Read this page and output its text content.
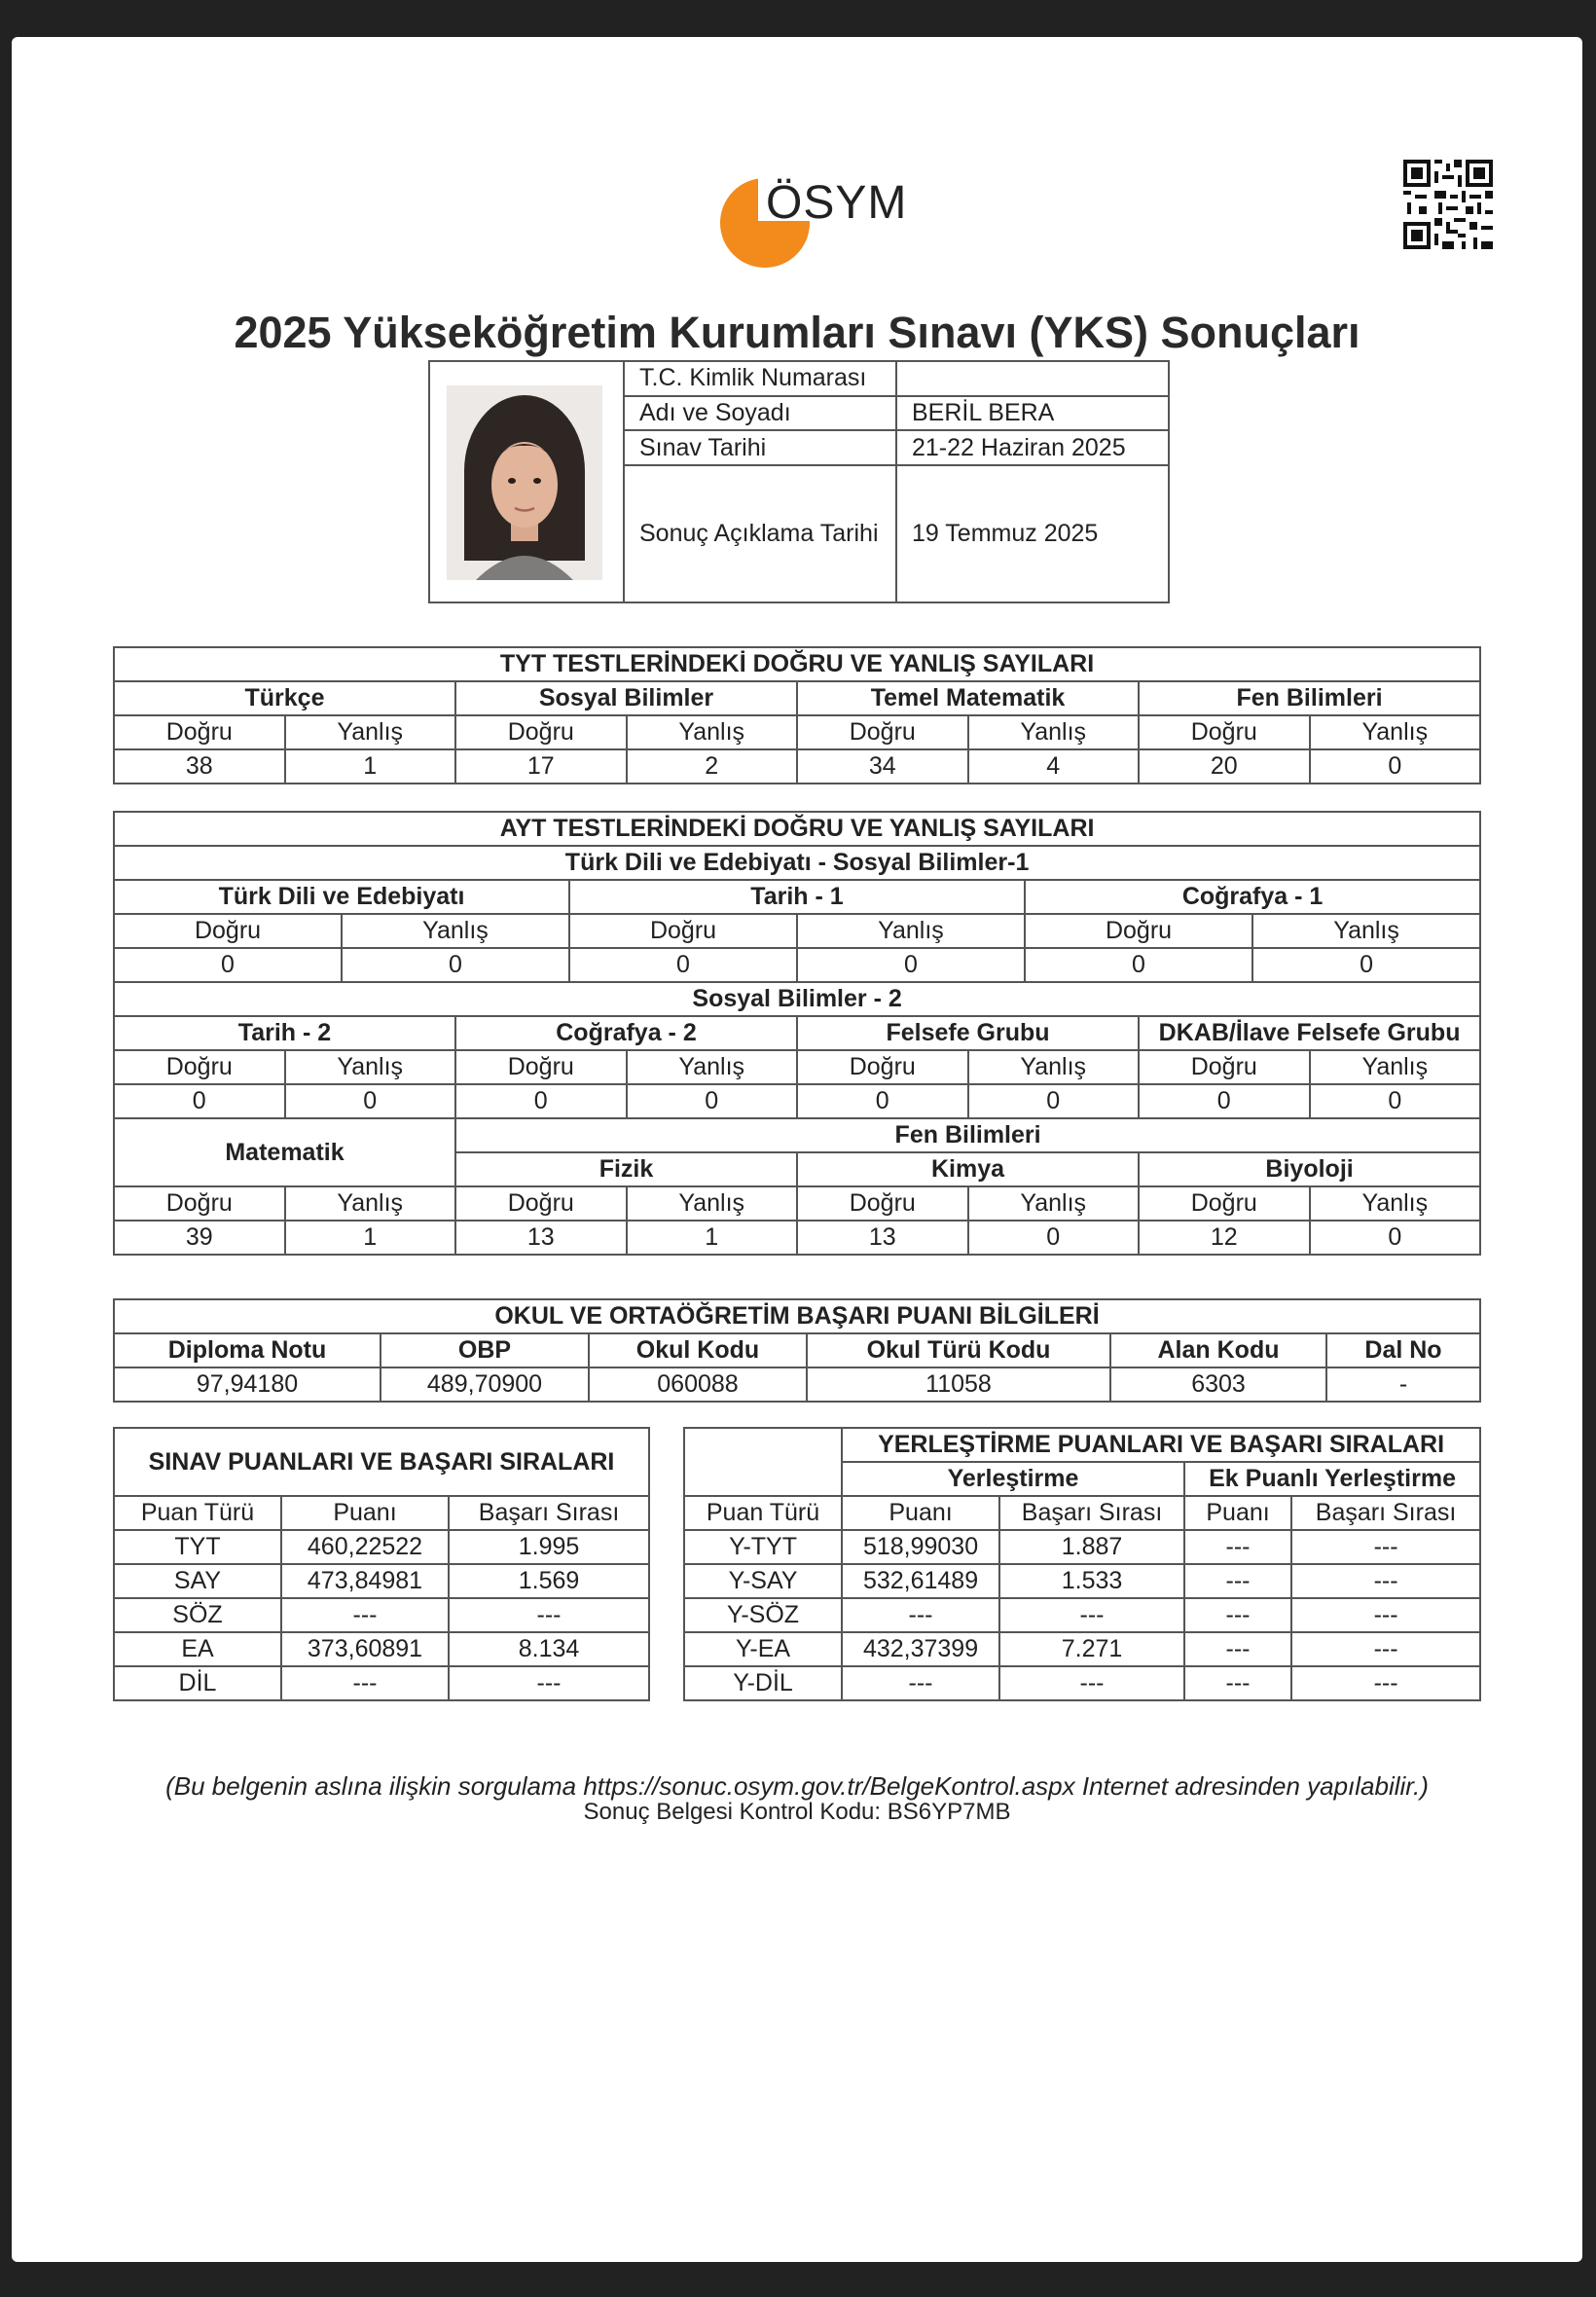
ÖSYM
2025 Yükseköğretim Kurumları Sınavı (YKS) Sonuçları
	T.C. Kimlik Numarası	
	Adı ve Soyadı	BERİL BERA
	Sınav Tarihi	21-22 Haziran 2025
	Sonuç Açıklama Tarihi	19 Temmuz 2025
TYT TESTLERİNDEKİ DOĞRU VE YANLIŞ SAYILARI							
Türkçe		Sosyal Bilimler		Temel Matematik		Fen Bilimleri	
Doğru	Yanlış	Doğru	Yanlış	Doğru	Yanlış	Doğru	Yanlış
38	1	17	2	34	4	20	0
AYT TESTLERİNDEKİ DOĞRU VE YANLIŞ SAYILARI											
Türk Dili ve Edebiyatı - Sosyal Bilimler-1											
Türk Dili ve Edebiyatı				Tarih - 1				Coğrafya - 1			
Doğru		Yanlış		Doğru		Yanlış		Doğru		Yanlış	
0		0		0		0		0		0	
Sosyal Bilimler - 2											
Tarih - 2			Coğrafya - 2			Felsefe Grubu			DKAB/İlave Felsefe Grubu		
Doğru	Yanlış		Doğru		Yanlış	Doğru	Yanlış		Doğru		Yanlış
0	0		0		0	0	0		0		0
Matematik			Fen Bilimleri								
			Fizik			Kimya			Biyoloji		
Doğru	Yanlış		Doğru		Yanlış	Doğru	Yanlış		Doğru		Yanlış
39	1		13		1	13	0		12		0
OKUL VE ORTAÖĞRETİM BAŞARI PUANI BİLGİLERİ					
Diploma Notu	OBP	Okul Kodu	Okul Türü Kodu	Alan Kodu	Dal No
97,94180	489,70900	060088	11058	6303	-
SINAV PUANLARI VE BAŞARI SIRALARI					YERLEŞTİRME PUANLARI VE BAŞARI SIRALARI			
					Yerleştirme		Ek Puanlı Yerleştirme	
Puan Türü	Puanı	Başarı Sırası		Puan Türü	Puanı	Başarı Sırası	Puanı	Başarı Sırası
TYT	460,22522	1.995		Y-TYT	518,99030	1.887	---	---
SAY	473,84981	1.569		Y-SAY	532,61489	1.533	---	---
SÖZ	---	---		Y-SÖZ	---	---	---	---
EA	373,60891	8.134		Y-EA	432,37399	7.271	---	---
DİL	---	---		Y-DİL	---	---	---	---
(Bu belgenin aslına ilişkin sorgulama https://sonuc.osym.gov.tr/BelgeKontrol.aspx Internet adresinden yapılabilir.)
Sonuç Belgesi Kontrol Kodu: BS6YP7MB
